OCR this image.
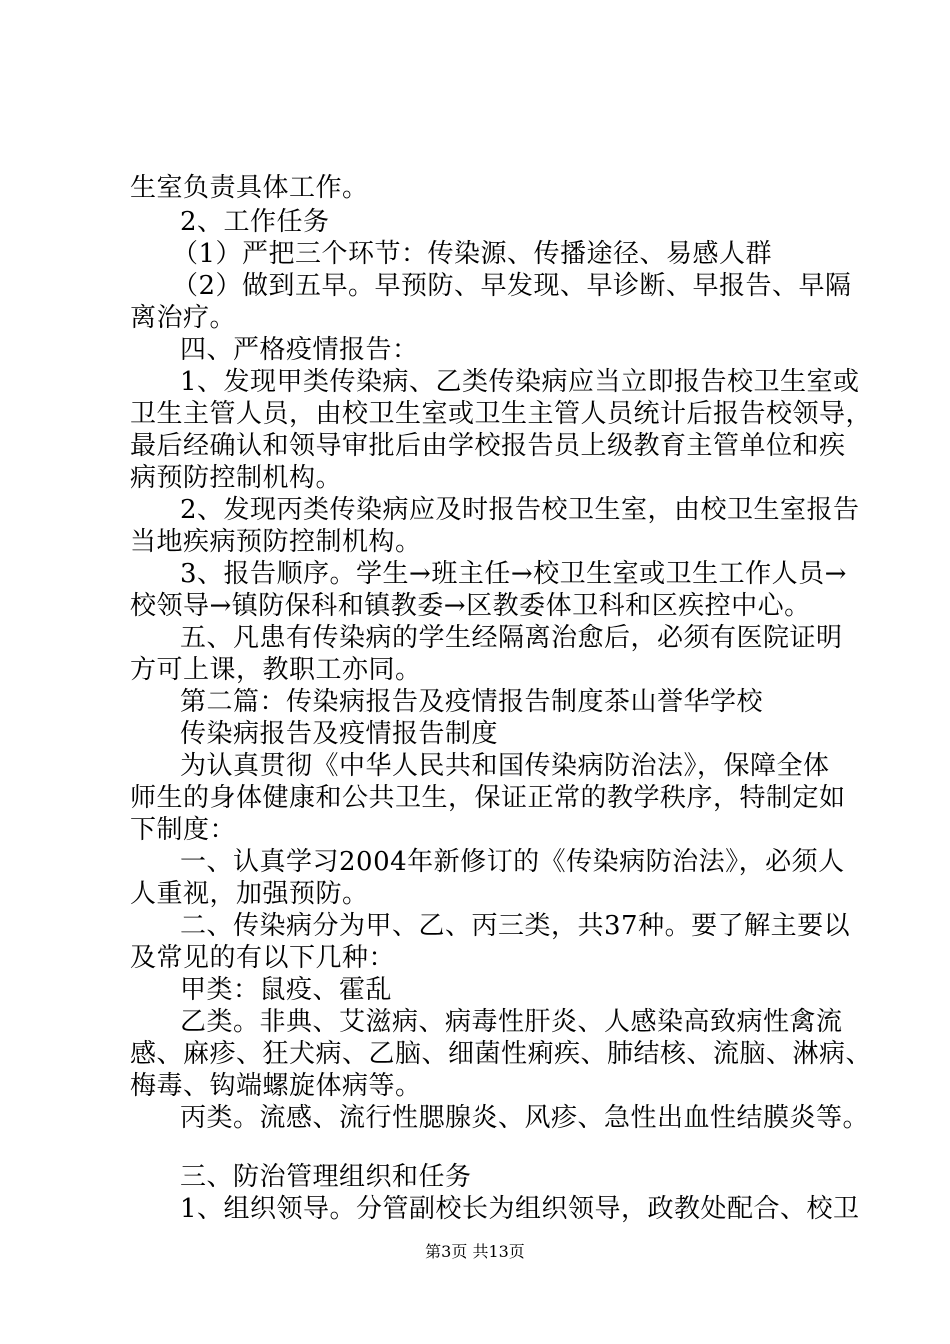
生室负责具体工作。
2、工作任务
（1）严把三个环节：传染源、传播途径、易感人群
（2）做到五早。早预防、早发现、早诊断、早报告、早隔
离治疗。
四、严格疫情报告：
1、发现甲类传染病、乙类传染病应当立即报告校卫生室或
卫生主管人员，由校卫生室或卫生主管人员统计后报告校领导，
最后经确认和领导审批后由学校报告员上级教育主管单位和疾
病预防控制机构。
2、发现丙类传染病应及时报告校卫生室，由校卫生室报告
当地疾病预防控制机构。
3、报告顺序。学生→班主任→校卫生室或卫生工作人员→
校领导→镇防保科和镇教委→区教委体卫科和区疾控中心。
五、凡患有传染病的学生经隔离治愈后，必须有医院证明
方可上课，教职工亦同。
第二篇：传染病报告及疫情报告制度茶山誉华学校
传染病报告及疫情报告制度
为认真贯彻《中华人民共和国传染病防治法》，保障全体
师生的身体健康和公共卫生，保证正常的教学秩序，特制定如
下制度：
一、认真学习2004年新修订的《传染病防治法》，必须人
人重视，加强预防。
二、传染病分为甲、乙、丙三类，共37种。要了解主要以
及常见的有以下几种：
甲类：鼠疫、霍乱
乙类。非典、艾滋病、病毒性肝炎、人感染高致病性禽流
感、麻疹、狂犬病、乙脑、细菌性痢疾、肺结核、流脑、淋病、
梅毒、钩端螺旋体病等。
丙类。流感、流行性腮腺炎、风疹、急性出血性结膜炎等。
三、防治管理组织和任务
1、组织领导。分管副校长为组织领导，政教处配合、校卫
第3页 共13页
